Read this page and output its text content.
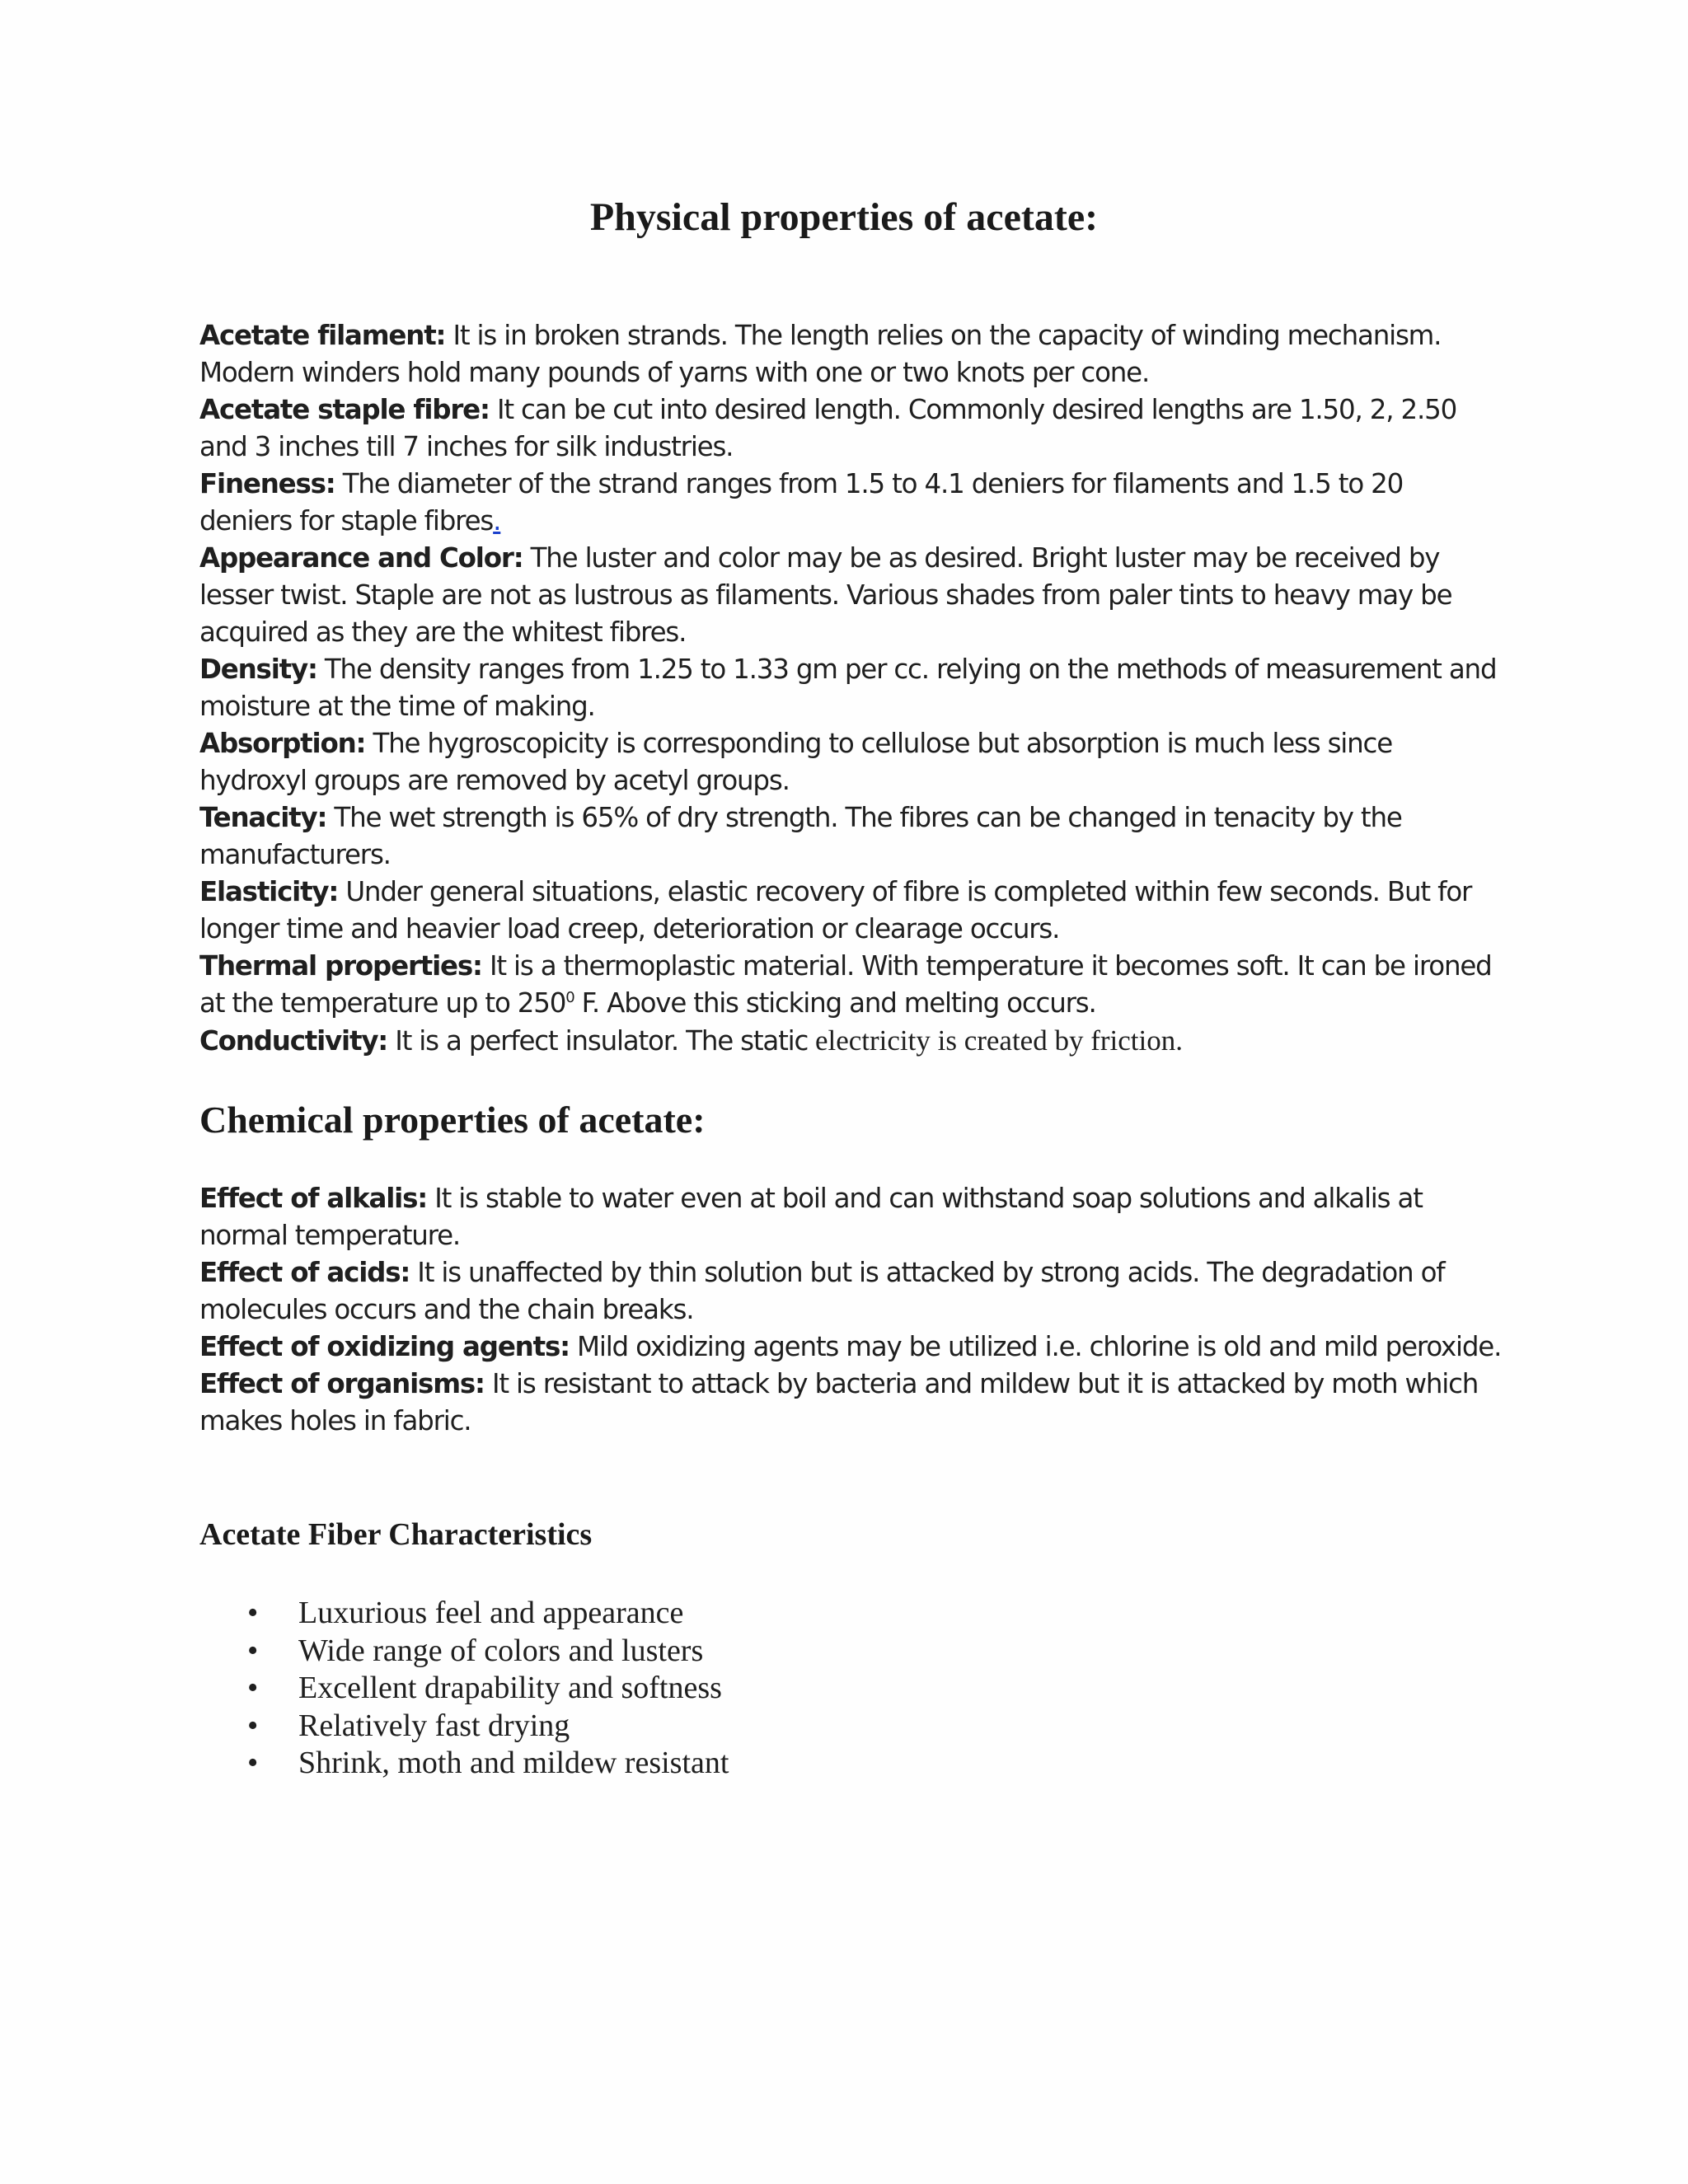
Physical properties of acetate:

Acetate filament: It is in broken strands. The length relies on the capacity of winding mechanism. Modern winders hold many pounds of yarns with one or two knots per cone.

Acetate staple fibre: It can be cut into desired length. Commonly desired lengths are 1.50, 2, 2.50 and 3 inches till 7 inches for silk industries.

Fineness: The diameter of the strand ranges from 1.5 to 4.1 deniers for filaments and 1.5 to 20 deniers for staple fibres.

Appearance and Color: The luster and color may be as desired. Bright luster may be received by lesser twist. Staple are not as lustrous as filaments. Various shades from paler tints to heavy may be acquired as they are the whitest fibres.

Density: The density ranges from 1.25 to 1.33 gm per cc. relying on the methods of measurement and moisture at the time of making.

Absorption: The hygroscopicity is corresponding to cellulose but absorption is much less since hydroxyl groups are removed by acetyl groups.

Tenacity: The wet strength is 65% of dry strength. The fibres can be changed in tenacity by the manufacturers.

Elasticity: Under general situations, elastic recovery of fibre is completed within few seconds. But for longer time and heavier load creep, deterioration or clearage occurs.

Thermal properties: It is a thermoplastic material. With temperature it becomes soft. It can be ironed at the temperature up to $250^0$ F. Above this sticking and melting occurs.

Conductivity: It is a perfect insulator. The static electricity is created by friction.

Chemical properties of acetate:

Effect of alkalis: It is stable to water even at boil and can withstand soap solutions and alkalis at normal temperature.

Effect of acids: It is unaffected by thin solution but is attacked by strong acids. The degradation of molecules occurs and the chain breaks.

Effect of oxidizing agents: Mild oxidizing agents may be utilized i.e. chlorine is old and mild peroxide.

Effect of organisms: It is resistant to attack by bacteria and mildew but it is attacked by moth which makes holes in fabric.

Acetate Fiber Characteristics
• Luxurious feel and appearance
• Wide range of colors and lusters
• Excellent drapability and softness
• Relatively fast drying
• Shrink, moth and mildew resistant
